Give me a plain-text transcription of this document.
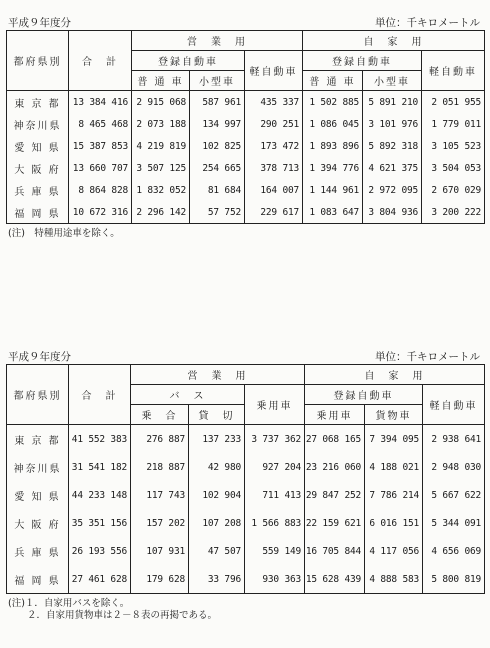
平成９年度分	単位：千キロメートル
都府県別	合　計	営　業　用			自　家　用		
		登録自動車		軽自動車	登録自動車		軽自動車
		普 通 車	小型車		普 通 車	小型車	
東 京 都	13 384 416	2 915 068	587 961	435 337	1 502 885	5 891 210	2 051 955
神奈川県	8 465 468	2 073 188	134 997	290 251	1 086 045	3 101 976	1 779 011
愛 知 県	15 387 853	4 219 819	102 825	173 472	1 893 896	5 892 318	3 105 523
大 阪 府	13 660 707	3 507 125	254 665	378 713	1 394 776	4 621 375	3 504 053
兵 庫 県	8 864 828	1 832 052	81 684	164 007	1 144 961	2 972 095	2 670 029
福 岡 県	10 672 316	2 296 142	57 752	229 617	1 083 647	3 804 936	3 200 222
(注)　特種用途車を除く。
平成９年度分	単位：千キロメートル
都府県別	合　計	営　業　用			自　家　用		
		バ　ス		乗用車	登録自動車		軽自動車
		乗　合	貸　切		乗用車	貨物車	
東 京 都	41 552 383	276 887	137 233	3 737 362	27 068 165	7 394 095	2 938 641
神奈川県	31 541 182	218 887	42 980	927 204	23 216 060	4 188 021	2 948 030
愛 知 県	44 233 148	117 743	102 904	711 413	29 847 252	7 786 214	5 667 622
大 阪 府	35 351 156	157 202	107 208	1 566 883	22 159 621	6 016 151	5 344 091
兵 庫 県	26 193 556	107 931	47 507	559 149	16 705 844	4 117 056	4 656 069
福 岡 県	27 461 628	179 628	33 796	930 363	15 628 439	4 888 583	5 800 819
(注)１．自家用バスを除く。
　　２．自家用貨物車は２－８表の再掲である。
